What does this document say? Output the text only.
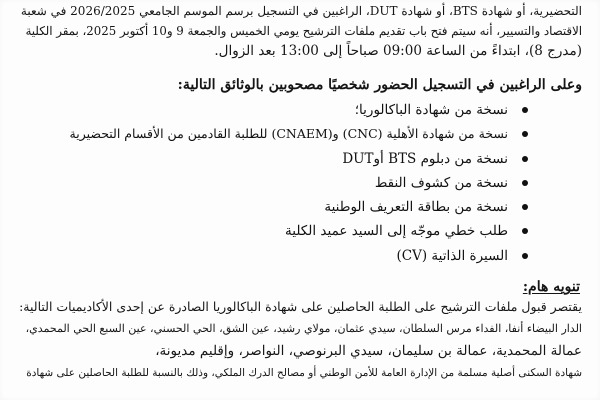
التحضيرية، أو شهادة BTS، أو شهادة DUT، الراغبين في التسجيل برسم الموسم الجامعي 2026/2025 في شعبة
الاقتصاد والتسيير، أنه سيتم فتح باب تقديم ملفات الترشيح يومي الخميس والجمعة 9 و10 أكتوبر 2025، بمقر الكلية
(مدرج 8)، ابتداءً من الساعة 09:00 صباحاً إلى 13:00 بعد الزوال.
وعلى الراغبين في التسجيل الحضور شخصيًا مصحوبين بالوثائق التالية:
نسخة من شهادة الباكالوريا؛
نسخة من شهادة الأهلية (CNC) و(CNAEM) للطلبة القادمين من الأقسام التحضيرية
نسخة من دبلوم BTS أوDUT
نسخة من كشوف النقط
نسخة من بطاقة التعريف الوطنية
طلب خطي موجّه إلى السيد عميد الكلية
السيرة الذاتية (CV)
تنويه هام:
يقتصر قبول ملفات الترشيح على الطلبة الحاصلين على شهادة الباكالوريا الصادرة عن إحدى الأكاديميات التالية:
الدار البيضاء أنفا، الفداء مرس السلطان، سيدي عثمان، مولاي رشيد، عين الشق، الحي الحسني، عين السبع الحي المحمدي،
عمالة المحمدية، عمالة بن سليمان، سيدي البرنوصي، النواصر، وإقليم مديونة،
شهادة السكنى أصلية مسلمة من الإدارة العامة للأمن الوطني أو مصالح الدرك الملكي، وذلك بالنسبة للطلبة الحاصلين على شهادة
